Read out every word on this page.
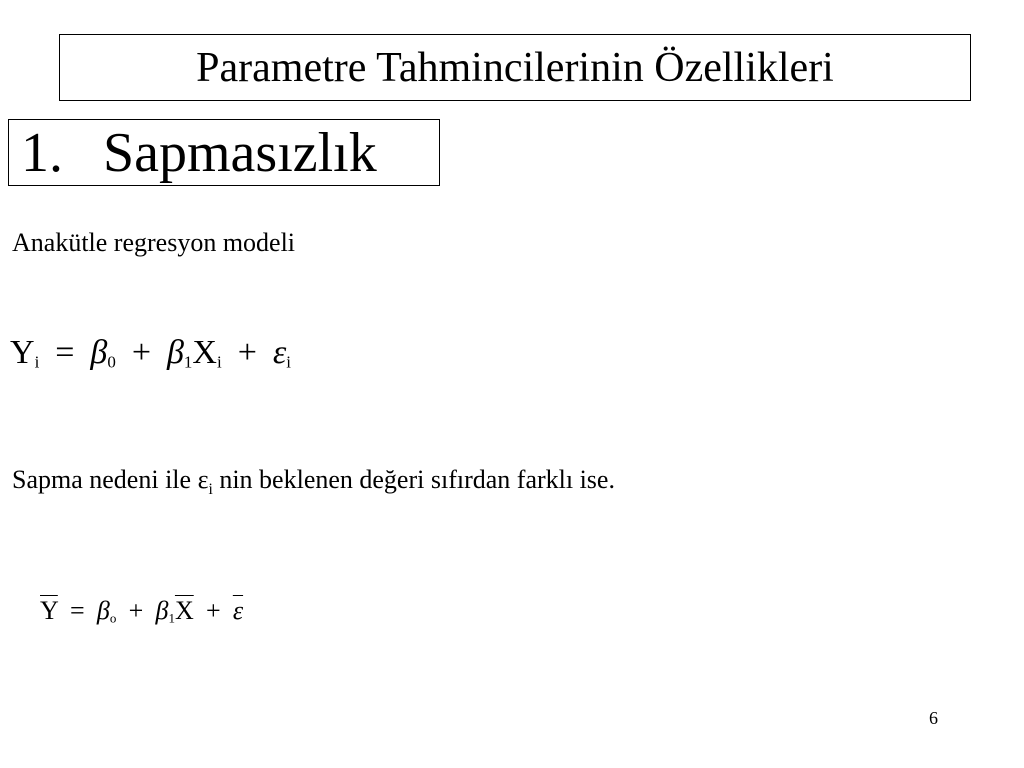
Parametre Tahmincilerinin Özellikleri
1. Sapmasızlık
Anakütle regresyon modeli
$Y_i = \beta_0 + \beta_1X_i + \varepsilon_i$
Sapma nedeni ile $\varepsilon_i$ nin beklenen değeri sıfırdan farklı ise.
$\overline{Y} = \beta_o + \beta_1\overline{X} + \overline{\varepsilon}$
6
